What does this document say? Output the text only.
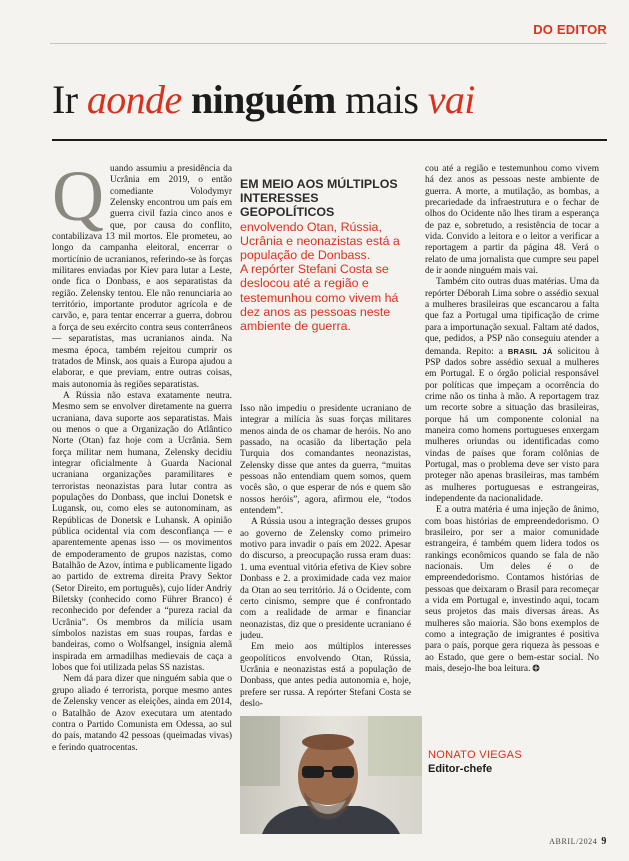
DO EDITOR
Ir aonde ninguém mais vai

Quando assumiu a presidência da Ucrânia em 2019, o então comediante Volodymyr Zelensky encontrou um país em guerra civil fazia cinco anos e que, por causa do conflito, contabilizava 13 mil mortos. Ele prometeu, ao longo da campanha eleitoral, encerrar o morticínio de ucranianos, referindo-se às forças militares enviadas por Kiev para lutar a Leste, onde fica o Donbass, e aos separatistas da região. Zelensky tentou. Ele não renunciaria ao território, importante produtor agrícola e de carvão, e, para tentar encerrar a guerra, dobrou a força de seu exército contra seus conterrâneos — separatistas, mas ucranianos ainda. Na mesma época, também rejeitou cumprir os tratados de Minsk, aos quais a Europa ajudou a elaborar, e que previam, entre outras coisas, mais autonomia às regiões separatistas.

A Rússia não estava exatamente neutra. Mesmo sem se envolver diretamente na guerra ucraniana, dava suporte aos separatistas. Mais ou menos o que a Organização do Atlântico Norte (Otan) faz hoje com a Ucrânia. Sem força militar nem humana, Zelensky decidiu integrar oficialmente à Guarda Nacional ucraniana organizações paramilitares e terroristas neonazistas para lutar contra as populações do Donbass, que inclui Donetsk e Lugansk, ou, como eles se autonominam, as Repúblicas de Donetsk e Luhansk. A opinião pública ocidental via com desconfiança — e aparentemente apenas isso — os movimentos de empoderamento de grupos nazistas, como Batalhão de Azov, íntima e publicamente ligado ao partido de extrema direita Pravy Sektor (Setor Direito, em português), cujo líder Andriy Biletsky (conhecido como Führer Branco) é reconhecido por defender a “pureza racial da Ucrânia”. Os membros da milícia usam símbolos nazistas em suas roupas, fardas e bandeiras, como o Wolfsangel, insígnia alemã inspirada em armadilhas medievais de caça a lobos que foi utilizada pelas SS nazistas.

Nem dá para dizer que ninguém sabia que o grupo aliado é terrorista, porque mesmo antes de Zelensky vencer as eleições, ainda em 2014, o Batalhão de Azov executara um atentado contra o Partido Comunista em Odessa, ao sul do país, matando 42 pessoas (queimadas vivas) e ferindo quatrocentas.

EM MEIO AOS MÚLTIPLOS INTERESSES GEOPOLÍTICOS
envolvendo Otan, Rússia, Ucrânia e neonazistas está a população de Donbass.
A repórter Stefani Costa se deslocou até a região e testemunhou como vivem há dez anos as pessoas neste ambiente de guerra.

Isso não impediu o presidente ucraniano de integrar a milícia às suas forças militares menos ainda de os chamar de heróis. No ano passado, na ocasião da libertação pela Turquia dos comandantes neonazistas, Zelensky disse que antes da guerra, “muitas pessoas não entendiam quem somos, quem vocês são, o que esperar de nós e quem são nossos heróis”, agora, afirmou ele, “todos entendem”.

A Rússia usou a integração desses grupos ao governo de Zelensky como primeiro motivo para invadir o país em 2022. Apesar do discurso, a preocupação russa eram duas: 1. uma eventual vitória efetiva de Kiev sobre Donbass e 2. a proximidade cada vez maior da Otan ao seu território. Já o Ocidente, com certo cinismo, sempre que é confrontado com a realidade de armar e financiar neonazistas, diz que o presidente ucraniano é judeu.

Em meio aos múltiplos interesses geopolíticos envolvendo Otan, Rússia, Ucrânia e neonazistas está a população de Donbass, que antes pedia autonomia e, hoje, prefere ser russa. A repórter Stefani Costa se deslo-

cou até a região e testemunhou como vivem há dez anos as pessoas neste ambiente de guerra. A morte, a mutilação, as bombas, a precariedade da infraestrutura e o fechar de olhos do Ocidente não lhes tiram a esperança de paz e, sobretudo, a resistência de tocar a vida. Convido a leitora e o leitor a verificar a reportagem a partir da página 48. Verá o relato de uma jornalista que cumpre seu papel de ir aonde ninguém mais vai.

Também cito outras duas matérias. Uma da repórter Déborah Lima sobre o assédio sexual a mulheres brasileiras que escancarou a falta que faz a Portugal uma tipificação de crime para a importunação sexual. Faltam até dados, que, pedidos, a PSP não conseguiu atender a demanda. Repito: a BRASIL JÁ solicitou à PSP dados sobre assédio sexual a mulheres em Portugal. E o órgão policial responsável por políticas que impeçam a ocorrência do crime não os tinha à mão. A reportagem traz um recorte sobre a situação das brasileiras, porque há um componente colonial na maneira como homens portugueses enxergam mulheres oriundas ou identificadas como vindas de países que foram colônias de Portugal, mas o problema deve ser visto para proteger não apenas brasileiras, mas também as mulheres portuguesas e estrangeiras, independente da nacionalidade.

E a outra matéria é uma injeção de ânimo, com boas histórias de empreendedorismo. O brasileiro, por ser a maior comunidade estrangeira, é também quem lidera todos os rankings econômicos quando se fala de não nacionais. Um deles é o de empreendedorismo. Contamos histórias de pessoas que deixaram o Brasil para recomeçar a vida em Portugal e, investindo aqui, tocam seus projetos das mais diversas áreas. As mulheres são maioria. São bons exemplos de como a integração de imigrantes é positiva para o país, porque gera riqueza às pessoas e ao Estado, que gere o bem-estar social. No mais, desejo-lhe boa leitura.

NONATO VIEGAS
Editor-chefe
ABRIL/2024 9
